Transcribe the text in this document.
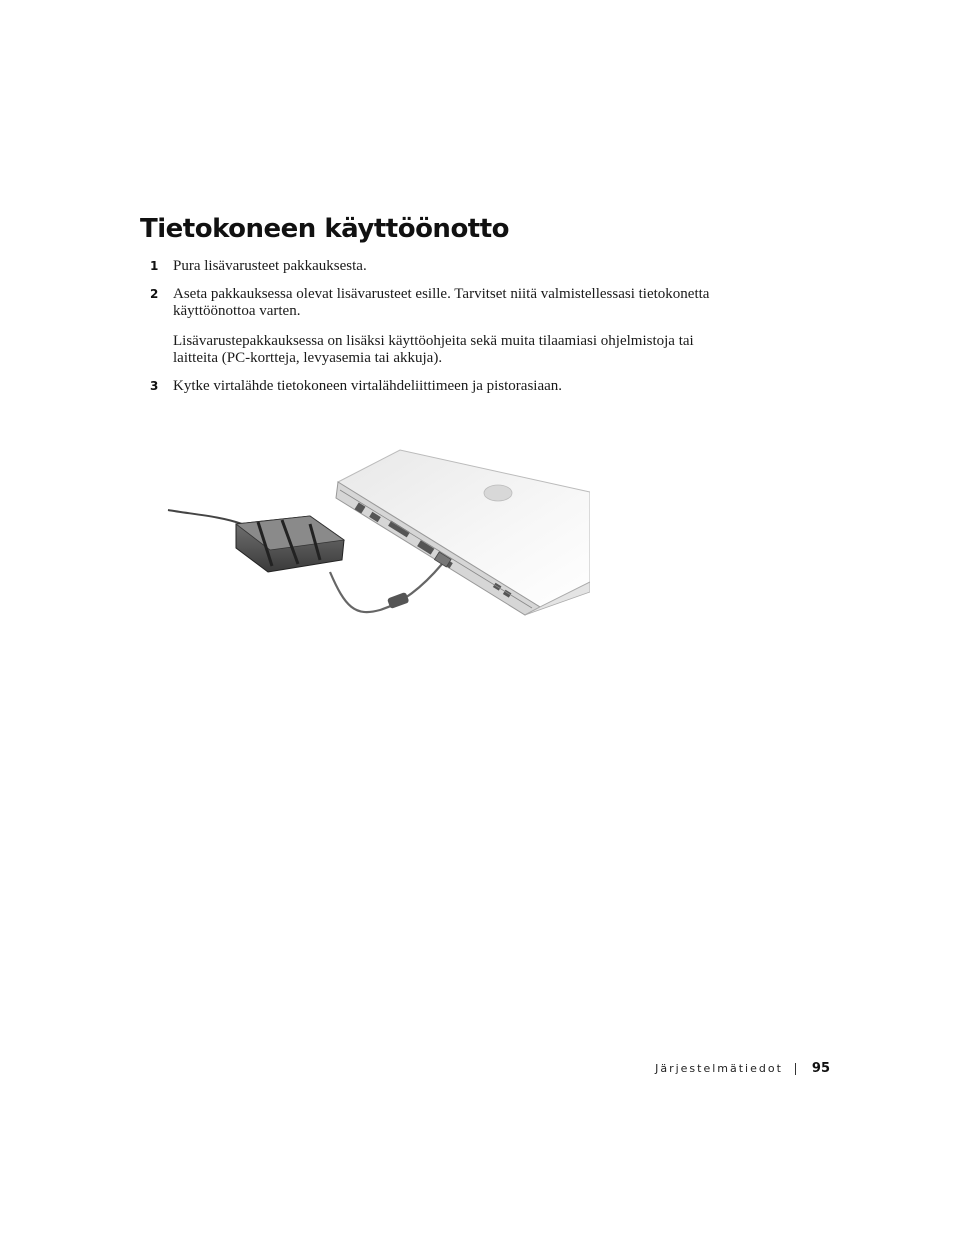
Tietokoneen käyttöönotto
1 Pura lisävarusteet pakkauksesta.

2 Aseta pakkauksessa olevat lisävarusteet esille. Tarvitset niitä valmistellessasi tietokonetta käyttöönottoa varten.

Lisävarustepakkauksessa on lisäksi käyttöohjeita sekä muita tilaamiasi ohjelmistoja tai laitteita (PC-kortteja, levyasemia tai akkuja).

3 Kytke virtalähde tietokoneen virtalähdeliittimeen ja pistorasiaan.

Järjestelmätiedot 95
